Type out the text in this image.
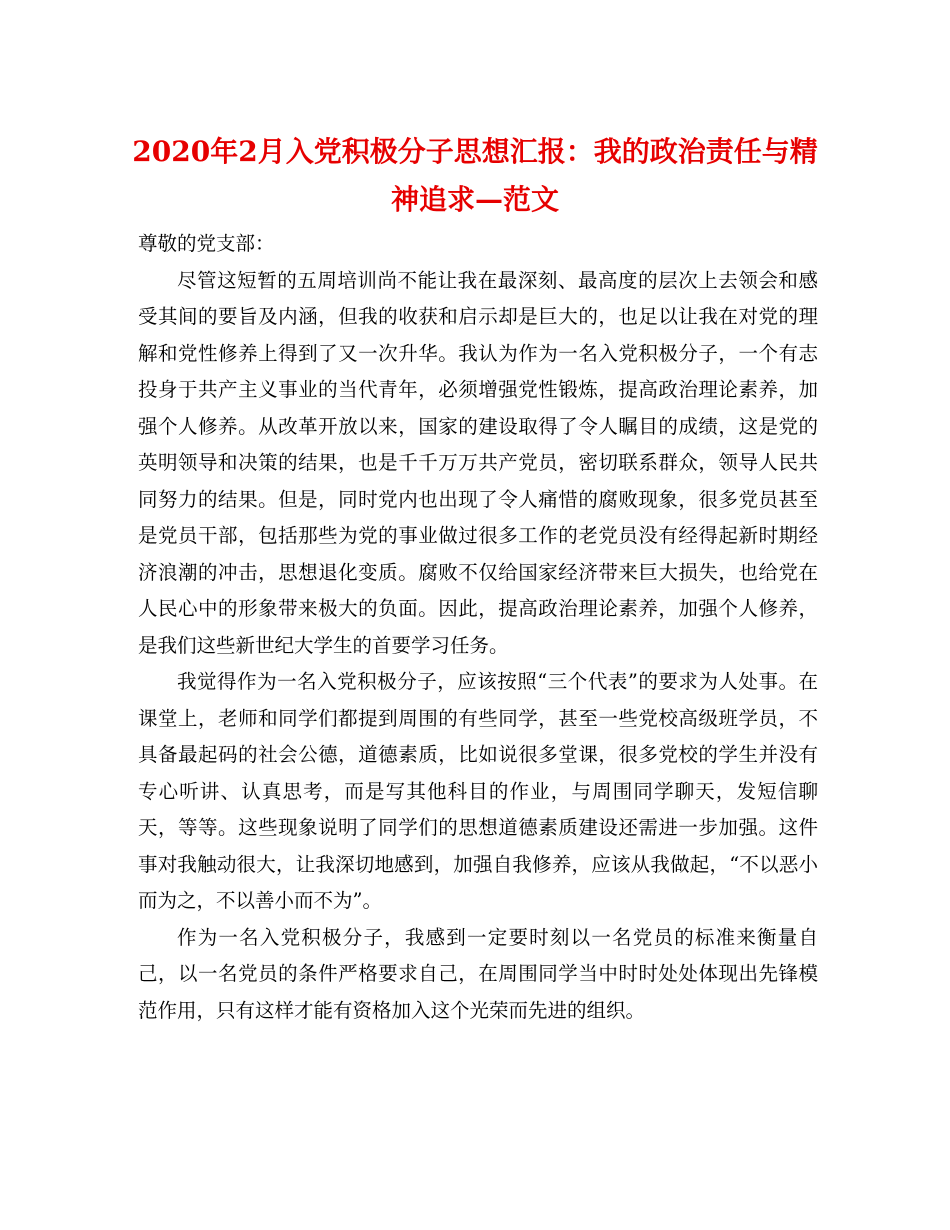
2020年2月入党积极分子思想汇报：我的政治责任与精神追求—范文

尊敬的党支部：

尽管这短暂的五周培训尚不能让我在最深刻、最高度的层次上去领会和感受其间的要旨及内涵，但我的收获和启示却是巨大的，也足以让我在对党的理解和党性修养上得到了又一次升华。我认为作为一名入党积极分子，一个有志投身于共产主义事业的当代青年，必须增强党性锻炼，提高政治理论素养，加强个人修养。从改革开放以来，国家的建设取得了令人瞩目的成绩，这是党的英明领导和决策的结果，也是千千万万共产党员，密切联系群众，领导人民共同努力的结果。但是，同时党内也出现了令人痛惜的腐败现象，很多党员甚至是党员干部，包括那些为党的事业做过很多工作的老党员没有经得起新时期经济浪潮的冲击，思想退化变质。腐败不仅给国家经济带来巨大损失，也给党在人民心中的形象带来极大的负面。因此，提高政治理论素养，加强个人修养，是我们这些新世纪大学生的首要学习任务。

我觉得作为一名入党积极分子，应该按照“三个代表”的要求为人处事。在课堂上，老师和同学们都提到周围的有些同学，甚至一些党校高级班学员，不具备最起码的社会公德，道德素质，比如说很多堂课，很多党校的学生并没有专心听讲、认真思考，而是写其他科目的作业，与周围同学聊天，发短信聊天，等等。这些现象说明了同学们的思想道德素质建设还需进一步加强。这件事对我触动很大，让我深切地感到，加强自我修养，应该从我做起，“不以恶小而为之，不以善小而不为”。

作为一名入党积极分子，我感到一定要时刻以一名党员的标准来衡量自己，以一名党员的条件严格要求自己，在周围同学当中时时处处体现出先锋模范作用，只有这样才能有资格加入这个光荣而先进的组织。
